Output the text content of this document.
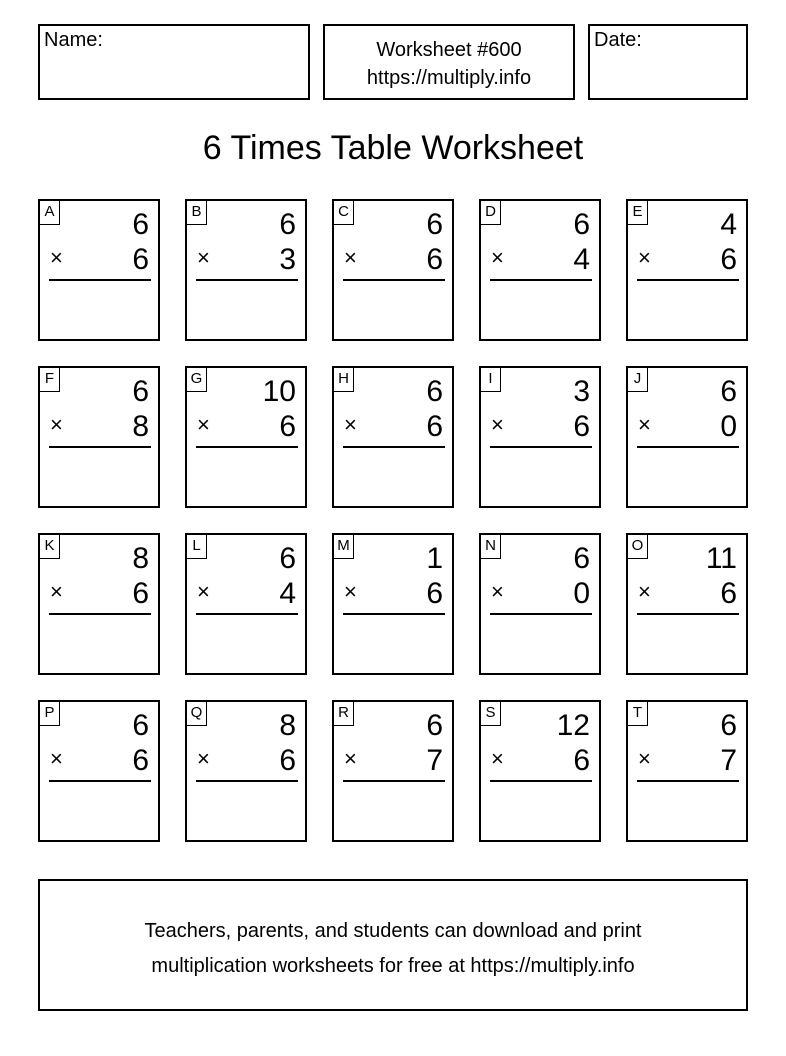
Name:	Worksheet #600
https://multiply.info
Date:
6 Times Table Worksheet
A	6
× 6
B	6
× 3
C	6
× 6
D	6
× 4
E	4
× 6
F	6
× 8
G 10
× 6
H	6
× 6
I	3
× 6
J	6
× 0
K	8
× 6
L	6
× 4
M	1
× 6
N	6
× 0
O 11
× 6
P	6
× 6
Q	8
× 6
R	6
× 7
S 12
× 6
T	6
× 7
Teachers, parents, and students can download and print
multiplication worksheets for free at https://multiply.info
